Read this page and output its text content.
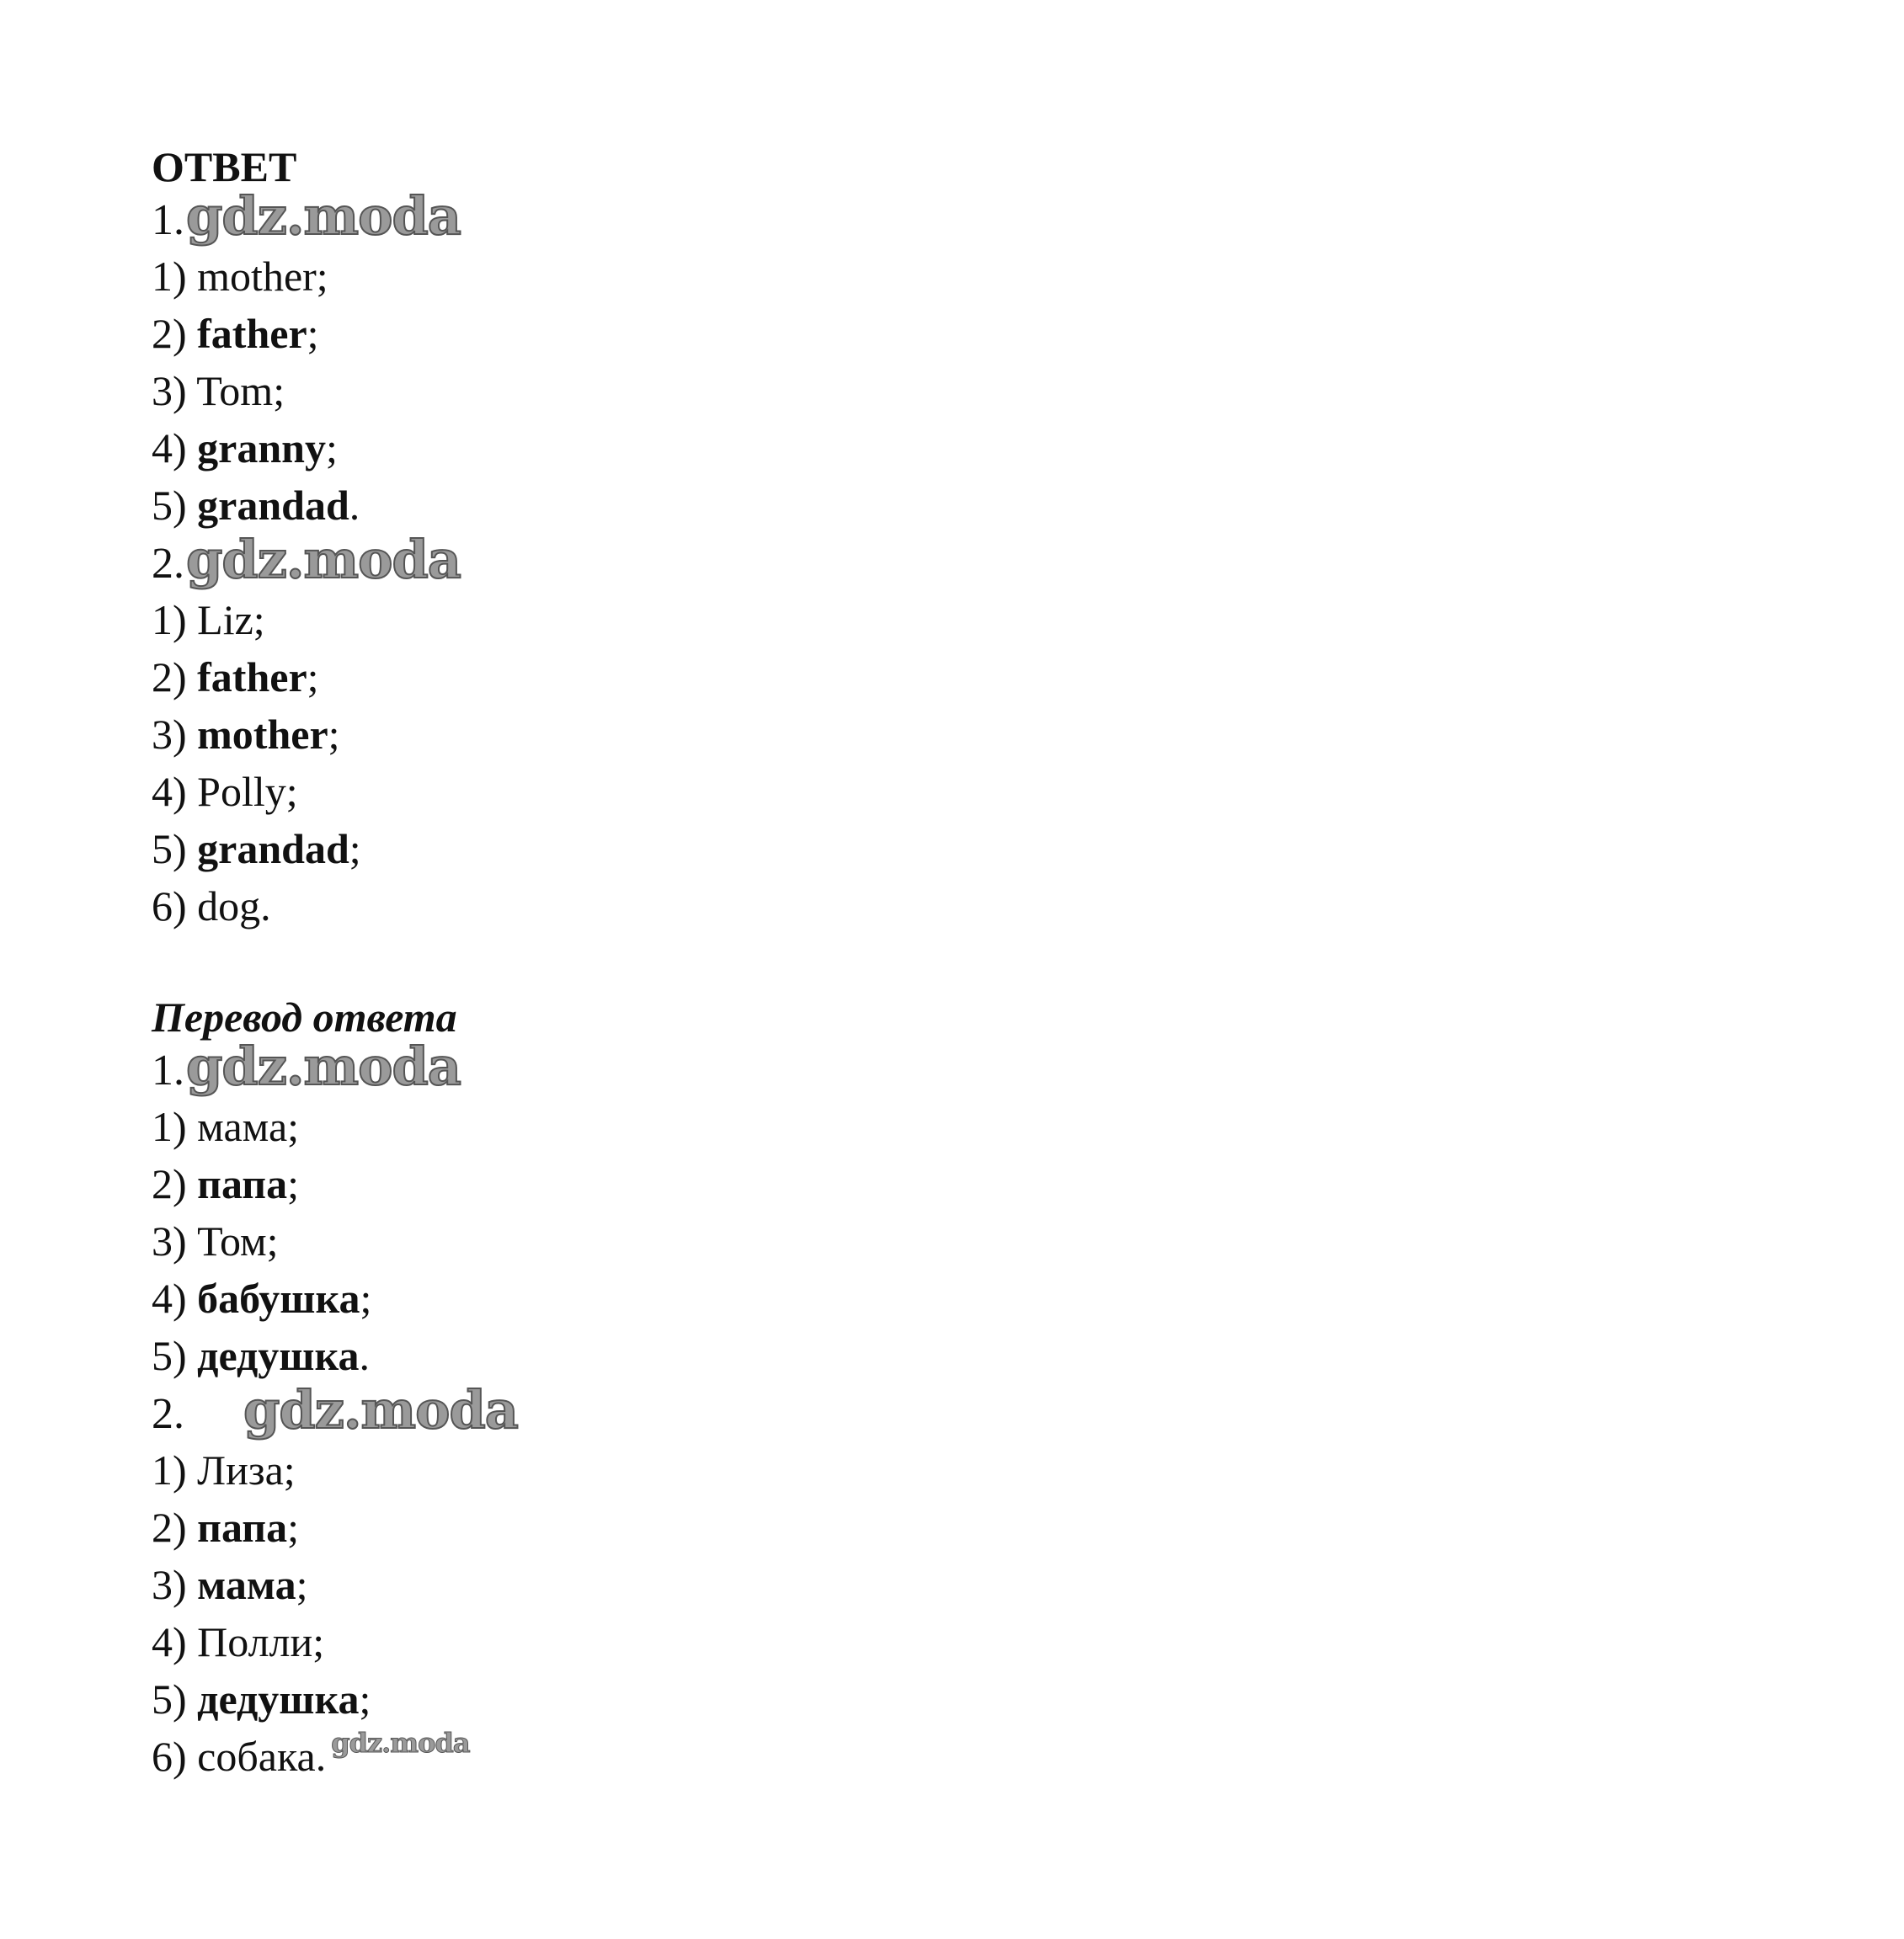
ОТВЕТ
1.gdz.moda
1) mother;
2) father;
3) Tom;
4) granny;
5) grandad.
2.gdz.moda
1) Liz;
2) father;
3) mother;
4) Polly;
5) grandad;
6) dog.
Перевод ответа
1.gdz.moda
1) мама;
2) папа;
3) Том;
4) бабушка;
5) дедушка.
2. gdz.moda
1) Лиза;
2) папа;
3) мама;
4) Полли;
5) дедушка;
6) собака. gdz.moda
